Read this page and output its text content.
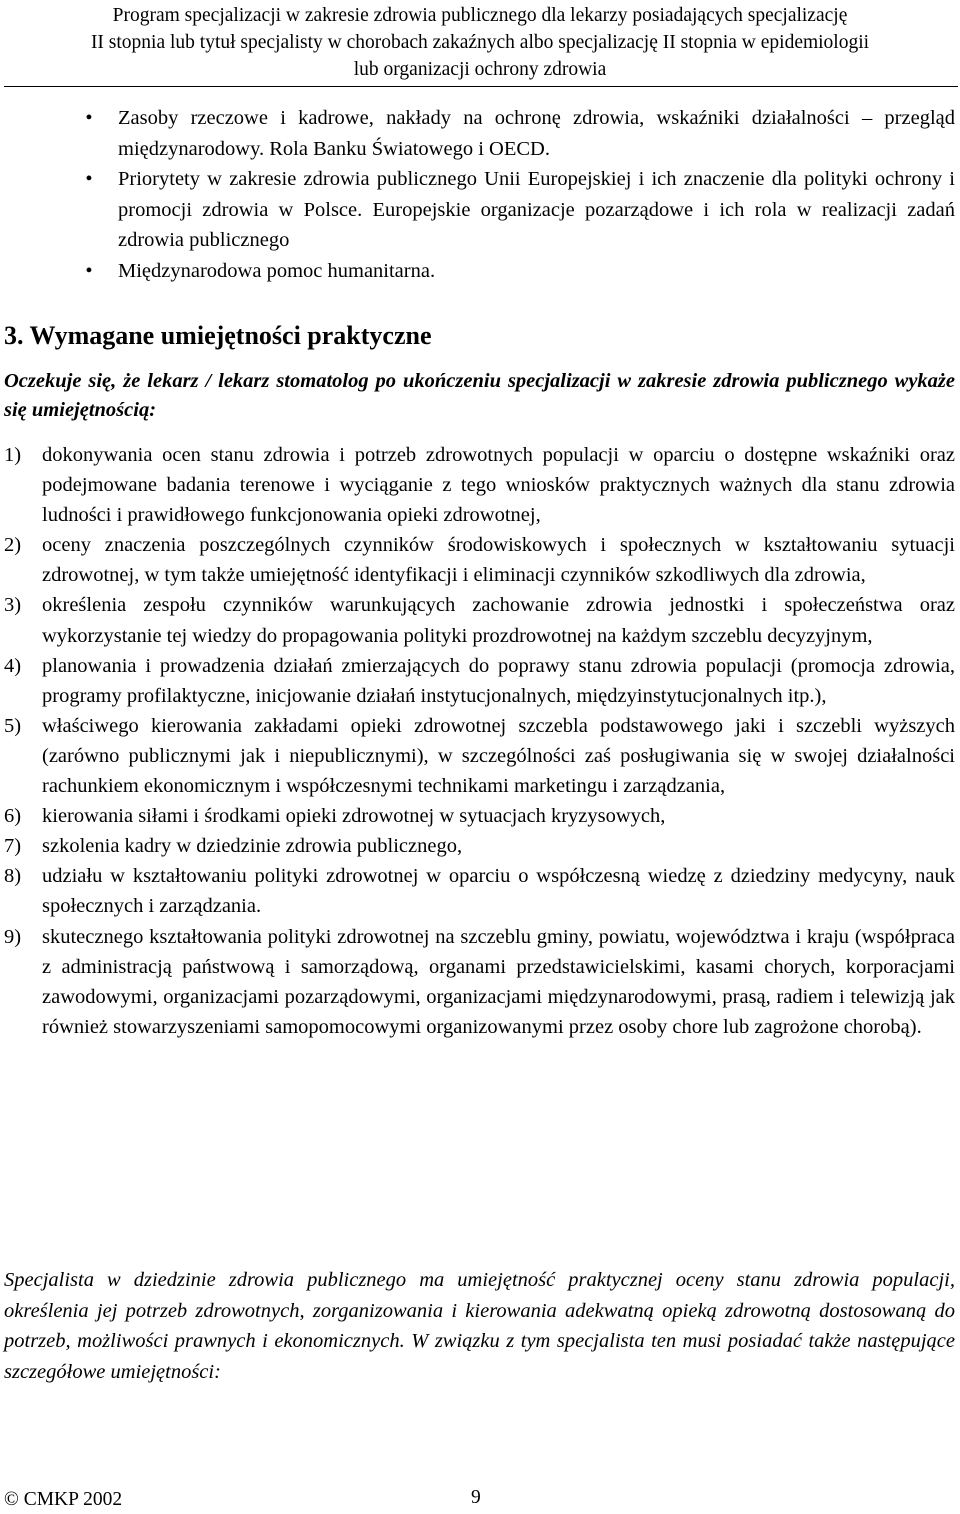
Program specjalizacji w zakresie zdrowia publicznego dla lekarzy posiadających specjalizację
II stopnia lub tytuł specjalisty w chorobach zakaźnych albo specjalizację II stopnia w epidemiologii
lub organizacji ochrony zdrowia
•	Zasoby rzeczowe i kadrowe, nakłady na ochronę zdrowia, wskaźniki działalności – przegląd międzynarodowy. Rola Banku Światowego i OECD.
•	Priorytety w zakresie zdrowia publicznego Unii Europejskiej i ich znaczenie dla polityki ochrony i promocji zdrowia w Polsce. Europejskie organizacje pozarządowe i ich rola w realizacji zadań zdrowia publicznego
•	Międzynarodowa pomoc humanitarna.
3. Wymagane umiejętności praktyczne

Oczekuje się, że lekarz / lekarz stomatolog po ukończeniu specjalizacji w zakresie zdrowia publicznego wykaże się umiejętnością:

1) dokonywania ocen stanu zdrowia i potrzeb zdrowotnych populacji w oparciu o dostępne wskaźniki oraz podejmowane badania terenowe i wyciąganie z tego wniosków praktycznych ważnych dla stanu zdrowia ludności i prawidłowego funkcjonowania opieki zdrowotnej,
2) oceny znaczenia poszczególnych czynników środowiskowych i społecznych w kształtowaniu sytuacji zdrowotnej, w tym także umiejętność identyfikacji i eliminacji czynników szkodliwych dla zdrowia,
3) określenia zespołu czynników warunkujących zachowanie zdrowia jednostki i społeczeństwa oraz wykorzystanie tej wiedzy do propagowania polityki prozdrowotnej na każdym szczeblu decyzyjnym,
4) planowania i prowadzenia działań zmierzających do poprawy stanu zdrowia populacji (promocja zdrowia, programy profilaktyczne, inicjowanie działań instytucjonalnych, międzyinstytucjonalnych itp.),
5) właściwego kierowania zakładami opieki zdrowotnej szczebla podstawowego jaki i szczebli wyższych (zarówno publicznymi jak i niepublicznymi), w szczególności zaś posługiwania się w swojej działalności rachunkiem ekonomicznym i współczesnymi technikami marketingu i zarządzania,
6) kierowania siłami i środkami opieki zdrowotnej w sytuacjach kryzysowych,
7) szkolenia kadry w dziedzinie zdrowia publicznego,
8) udziału w kształtowaniu polityki zdrowotnej w oparciu o współczesną wiedzę z dziedziny medycyny, nauk społecznych i zarządzania.
9) skutecznego kształtowania polityki zdrowotnej na szczeblu gminy, powiatu, województwa i kraju (współpraca z administracją państwową i samorządową, organami przedstawicielskimi, kasami chorych, korporacjami zawodowymi, organizacjami pozarządowymi, organizacjami międzynarodowymi, prasą, radiem i telewizją jak również stowarzyszeniami samopomocowymi organizowanymi przez osoby chore lub zagrożone chorobą).

Specjalista w dziedzinie zdrowia publicznego ma umiejętność praktycznej oceny stanu zdrowia populacji, określenia jej potrzeb zdrowotnych, zorganizowania i kierowania adekwatną opieką zdrowotną dostosowaną do potrzeb, możliwości prawnych i ekonomicznych. W związku z tym specjalista ten musi posiadać także następujące szczegółowe umiejętności:

© CMKP 2002	9
